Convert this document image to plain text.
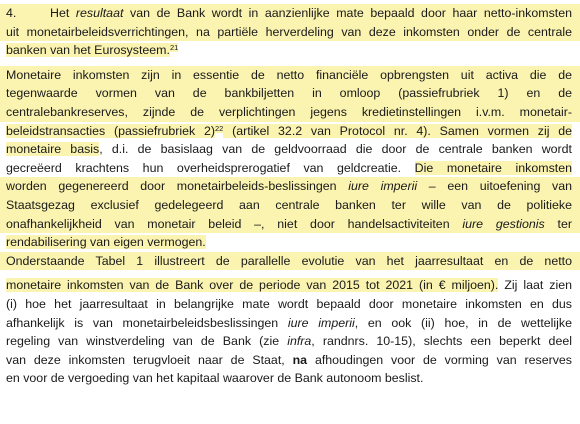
4.	Het resultaat van de Bank wordt in aanzienlijke mate bepaald door haar netto-inkomsten
uit monetairbeleidsverrichtingen, na partiële herverdeling van deze inkomsten onder de centrale
banken van het Eurosysteem.$^{21}$
Monetaire inkomsten zijn in essentie de netto financiële opbrengsten uit activa die de
tegenwaarde vormen van de bankbiljetten in omloop (passiefrubriek 1) en de
centralebankreserves, zijnde de verplichtingen jegens kredietinstellingen i.v.m. monetair-
beleidstransacties (passiefrubriek 2)$^{22}$ (artikel 32.2 van Protocol nr. 4). Samen vormen zij de
monetaire basis, d.i. de basislaag van de geldvoorraad die door de centrale banken wordt
gecreëerd krachtens hun overheidsprerogatief van geldcreatie. Die monetaire inkomsten
worden gegenereerd door monetairbeleids-beslissingen iure imperii – een uitoefening van
Staatsgezag exclusief gedelegeerd aan centrale banken ter wille van de politieke
onafhankelijkheid van monetair beleid –, niet door handelsactiviteiten iure gestionis ter
rendabilisering van eigen vermogen.
Onderstaande Tabel 1 illustreert de parallelle evolutie van het jaarresultaat en de netto
monetaire inkomsten van de Bank over de periode van 2015 tot 2021 (in € miljoen). Zij laat zien
(i) hoe het jaarresultaat in belangrijke mate wordt bepaald door monetaire inkomsten en dus
afhankelijk is van monetairbeleidsbeslissingen iure imperii, en ook (ii) hoe, in de wettelijke
regeling van winstverdeling van de Bank (zie infra, randnrs. 10-15), slechts een beperkt deel
van deze inkomsten terugvloeit naar de Staat, na afhoudingen voor de vorming van reserves
en voor de vergoeding van het kapitaal waarover de Bank autonoom beslist.
